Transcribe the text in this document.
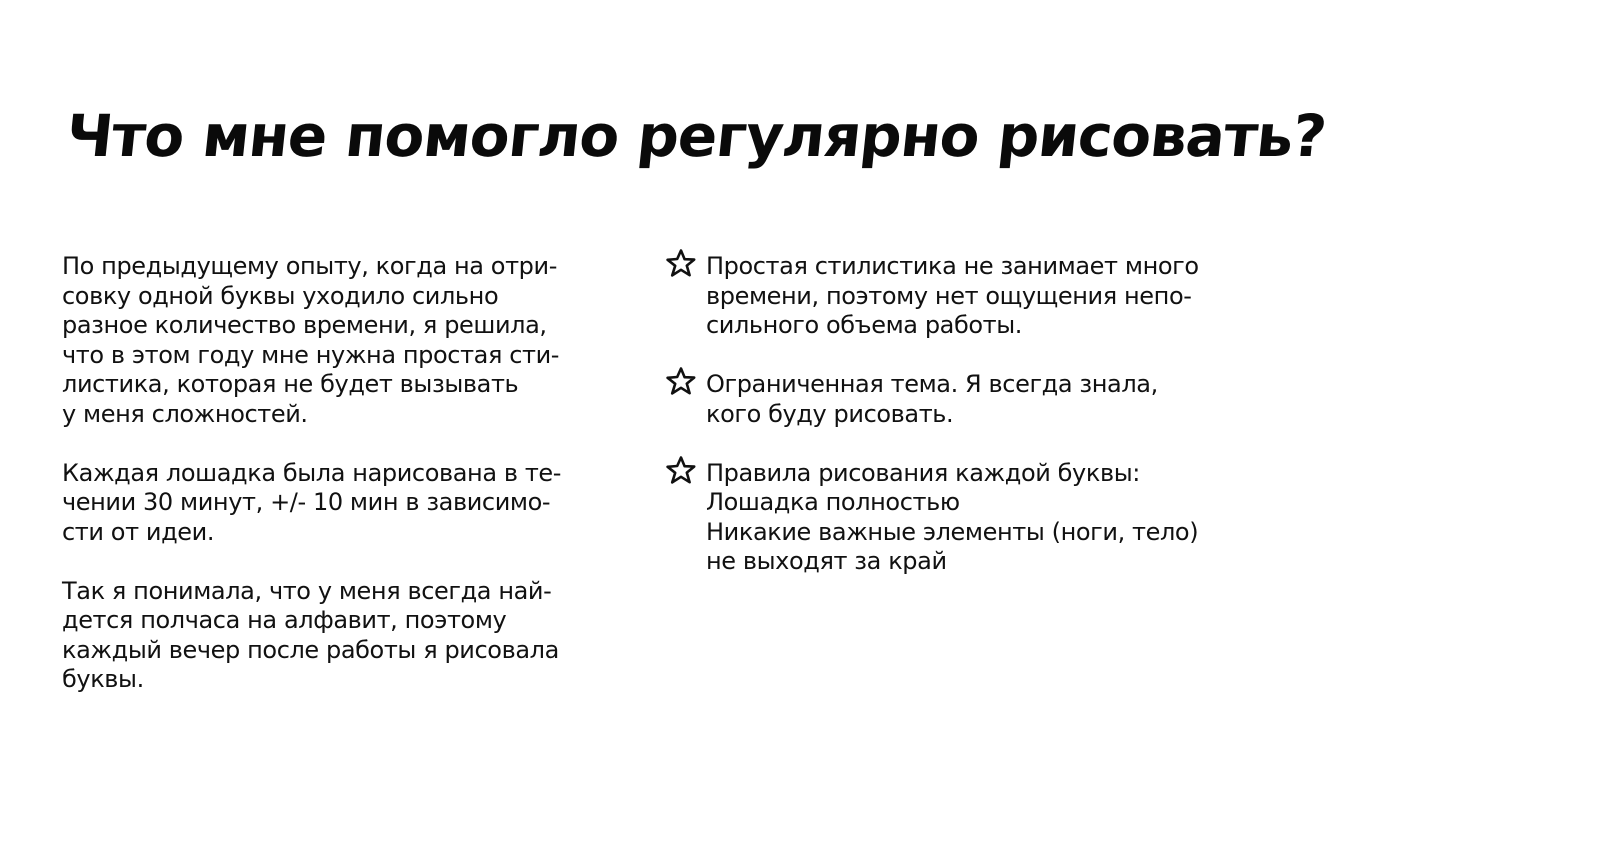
Что мне помогло регулярно рисовать?

По предыдущему опыту, когда на отри-
совку одной буквы уходило сильно
разное количество времени, я решила,
что в этом году мне нужна простая сти-
листика, которая не будет вызывать
у меня сложностей.

Каждая лошадка была нарисована в те-
чении 30 минут, +/- 10 мин в зависимо-
сти от идеи.

Так я понимала, что у меня всегда най-
дется полчаса на алфавит, поэтому
каждый вечер после работы я рисовала
буквы.

Простая стилистика не занимает много
времени, поэтому нет ощущения непо-
сильного объема работы.
Ограниченная тема. Я всегда знала,
кого буду рисовать.
Правила рисования каждой буквы:
Лошадка полностью
Никакие важные элементы (ноги, тело)
не выходят за край
